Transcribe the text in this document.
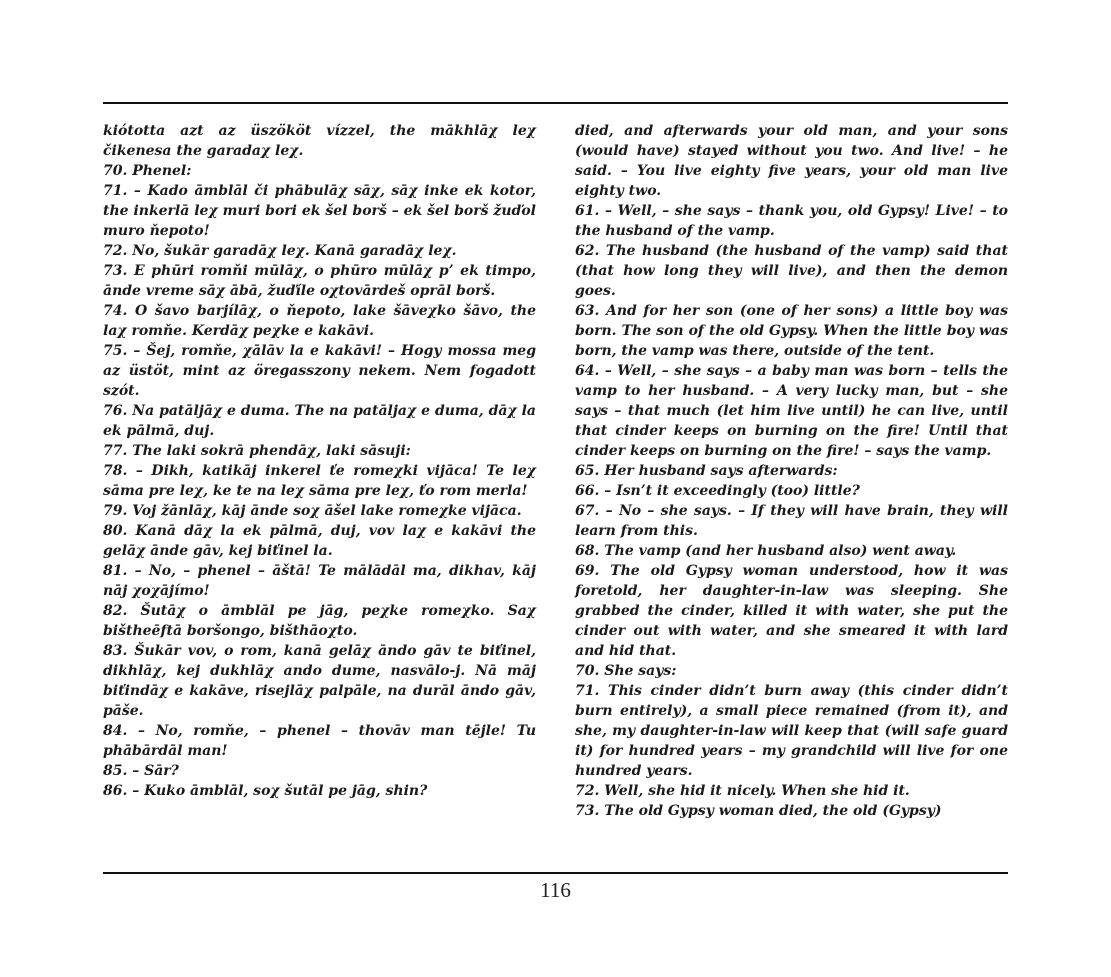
kiótotta azt az üszököt vízzel, the mākhlāχ leχ čikenesa the garadaχ leχ.

70. Phenel:

71. – Kado āmblāl či phābulāχ sāχ, sāχ inke ek kotor, the inkerlā leχ muri bori ek šel borš – ek šel borš žuďol muro ňepoto!

72. No, šukār garadāχ leχ. Kanā garadāχ leχ.

73. E phūri romňi mūlāχ, o phūro mūlāχ p’ ek timpo, ānde vreme sāχ ābā, žuďíle oχtovārdeš oprāl borš.

74. O šavo barjílāχ, o ňepoto, lake šāveχko šāvo, the laχ romňe. Kerdāχ peχke e kakāvi.

75. – Šej, romňe, χālāv la e kakāvi! – Hogy mossa meg az üstöt, mint az öregasszony nekem. Nem fogadott szót.

76. Na patāljāχ e duma. The na patāljaχ e duma, dāχ la ek pālmā, duj.

77. The laki sokrā phendāχ, laki sāsuji:

78. – Dikh, katikāj inkerel ťe romeχki vijāca! Te leχ sāma pre leχ, ke te na leχ sāma pre leχ, ťo rom merla!

79. Voj žānlāχ, kāj ānde soχ āšel lake romeχke vijāca.

80. Kanā dāχ la ek pālmā, duj, vov laχ e kakāvi the gelāχ ānde gāv, kej biťinel la.

81. – No, – phenel – āštā! Te mālādāl ma, dikhav, kāj nāj χoχājímo!

82. Šutāχ o āmblāl pe jāg, peχke romeχko. Saχ bištheēftā boršongo, bišthāoχto.

83. Šukār vov, o rom, kanā gelāχ āndo gāv te biťinel, dikhlāχ, kej dukhlāχ ando dume, nasvālo-j. Nā māj biťindāχ e kakāve, risejlāχ palpāle, na durāl āndo gāv, pāše.

84. – No, romňe, – phenel – thovāv man tējle! Tu phābārdāl man!

85. – Sār?

86. – Kuko āmblāl, soχ šutāl pe jāg, shin?

died, and afterwards your old man, and your sons (would have) stayed without you two. And live! – he said. – You live eighty five years, your old man live eighty two.

61. – Well, – she says – thank you, old Gypsy! Live! – to the husband of the vamp.

62. The husband (the husband of the vamp) said that (that how long they will live), and then the demon goes.

63. And for her son (one of her sons) a little boy was born. The son of the old Gypsy. When the little boy was born, the vamp was there, outside of the tent.

64. – Well, – she says – a baby man was born – tells the vamp to her husband. – A very lucky man, but – she says – that much (let him live until) he can live, until that cinder keeps on burning on the fire! Until that cinder keeps on burning on the fire! – says the vamp.

65. Her husband says afterwards:

66. – Isn’t it exceedingly (too) little?

67. – No – she says. – If they will have brain, they will learn from this.

68. The vamp (and her husband also) went away.

69. The old Gypsy woman understood, how it was foretold, her daughter-in-law was sleeping. She grabbed the cinder, killed it with water, she put the cinder out with water, and she smeared it with lard and hid that.

70. She says:

71. This cinder didn’t burn away (this cinder didn’t burn entirely), a small piece remained (from it), and she, my daughter-in-law will keep that (will safe guard it) for hundred years – my grandchild will live for one hundred years.

72. Well, she hid it nicely. When she hid it.

73. The old Gypsy woman died, the old (Gypsy)

116
